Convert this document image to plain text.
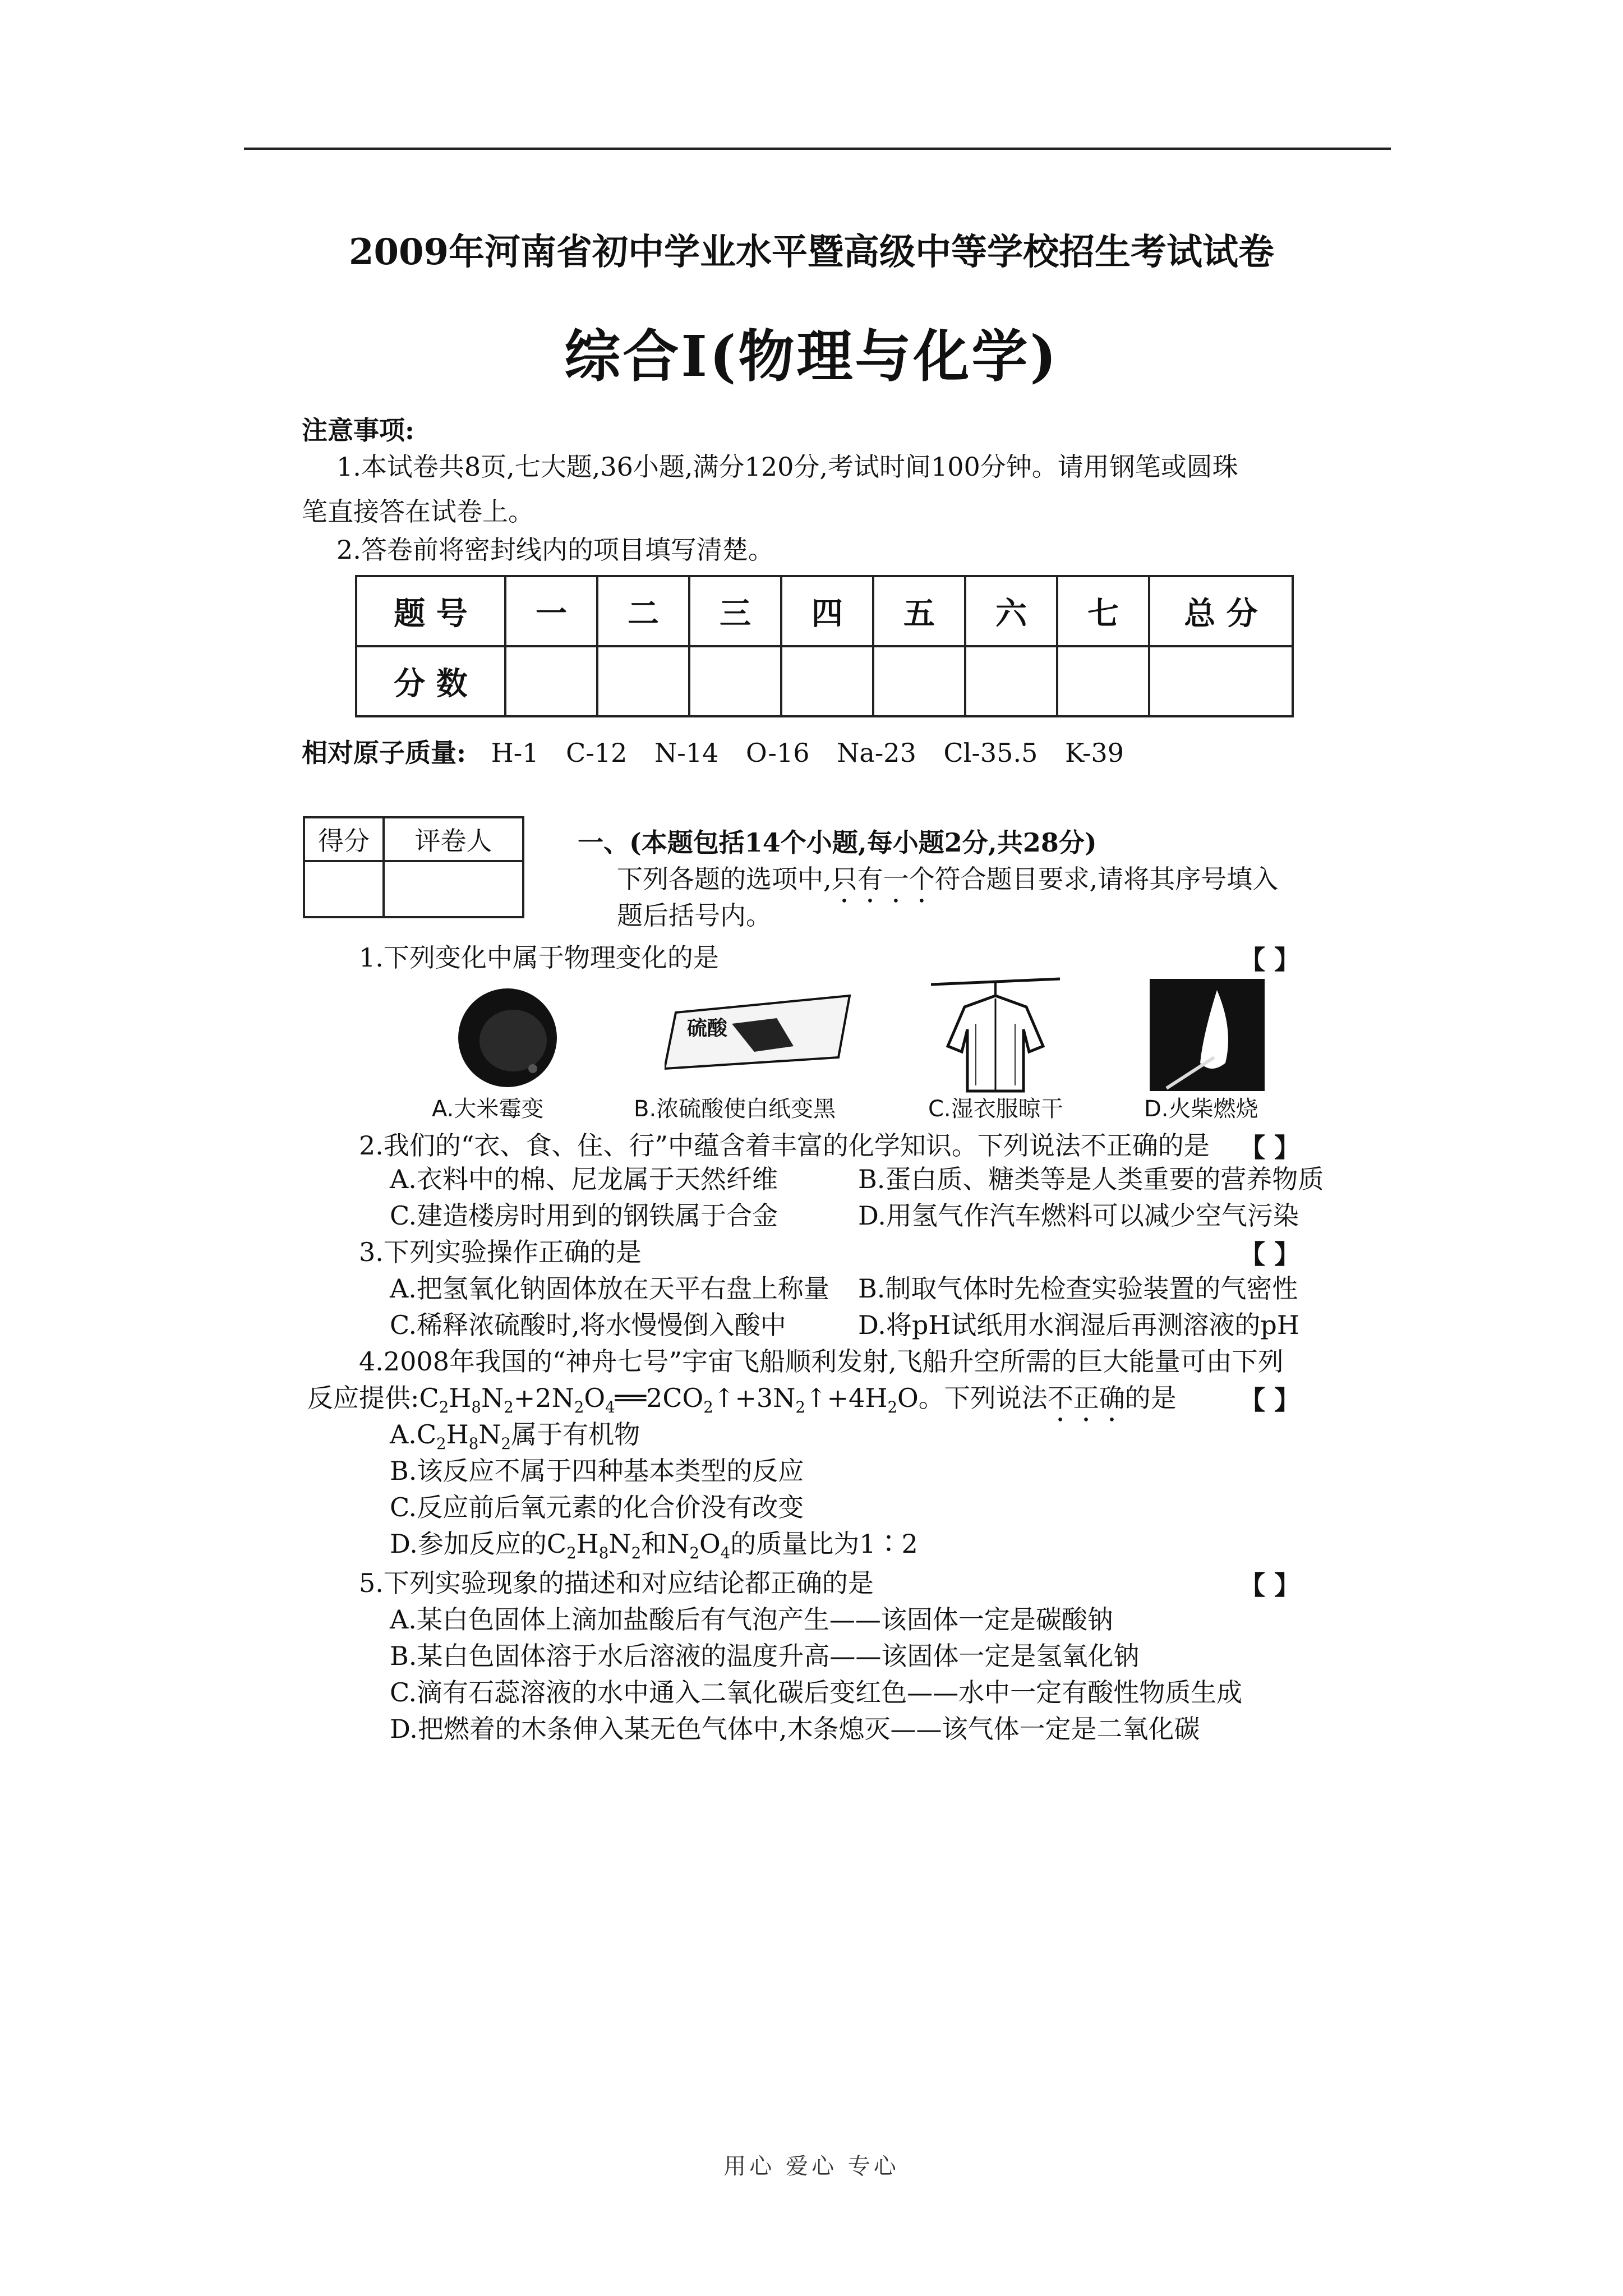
2009年河南省初中学业水平暨高级中等学校招生考试试卷
综合Ⅰ(物理与化学)
注意事项:
1.本试卷共8页,七大题,36小题,满分120分,考试时间100分钟。请用钢笔或圆珠
笔直接答在试卷上。
2.答卷前将密封线内的项目填写清楚。
题 号	一	二	三	四	五	六	七	总 分
分 数								
相对原子质量: H-1 C-12 N-14 O-16 Na-23 Cl-35.5 K-39
得分	评卷人
		一、(本题包括14个小题,每小题2分,共28分)
下列各题的选项中,只有一个符合题目要求,请将其序号填入
题后括号内。
1.下列变化中属于物理变化的是	【 】
硫酸
A.大米霉变	B.浓硫酸使白纸变黑	C.湿衣服晾干	D.火柴燃烧
2.我们的“衣、食、住、行”中蕴含着丰富的化学知识。下列说法不正确的是 【 】
A.衣料中的棉、尼龙属于天然纤维	B.蛋白质、糖类等是人类重要的营养物质
C.建造楼房时用到的钢铁属于合金	D.用氢气作汽车燃料可以减少空气污染
3.下列实验操作正确的是	【 】
A.把氢氧化钠固体放在天平右盘上称量 B.制取气体时先检查实验装置的气密性
C.稀释浓硫酸时,将水慢慢倒入酸中	D.将pH试纸用水润湿后再测溶液的pH
4.2008年我国的“神舟七号”宇宙飞船顺利发射,飞船升空所需的巨大能量可由下列
反应提供$:C_2H_8N_2+2N_2O_4══2CO_2↑+3N_2↑+4H_2O$。下列说法不正确的是 【 】
$A.C_2H_8N_2$属于有机物
B.该反应不属于四种基本类型的反应
C.反应前后氧元素的化合价没有改变
D.参加反应的$C_2H_8N_2$和$N_2O_4$的质量比为1∶2
5.下列实验现象的描述和对应结论都正确的是	【 】
A.某白色固体上滴加盐酸后有气泡产生——该固体一定是碳酸钠
B.某白色固体溶于水后溶液的温度升高——该固体一定是氢氧化钠
C.滴有石蕊溶液的水中通入二氧化碳后变红色——水中一定有酸性物质生成
D.把燃着的木条伸入某无色气体中,木条熄灭——该气体一定是二氧化碳
用心 爱心 专心
